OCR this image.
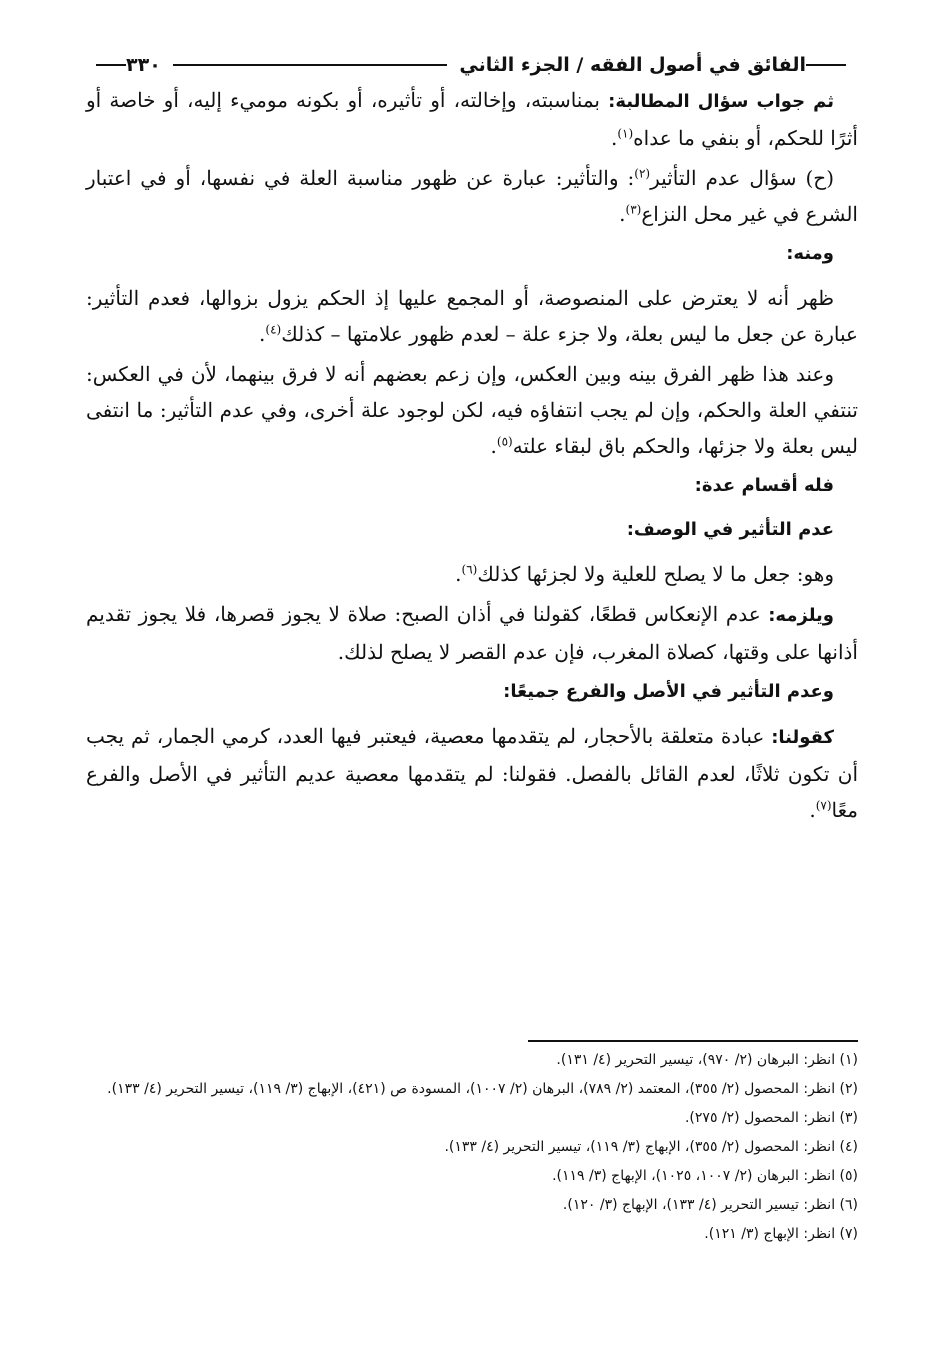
٣٣٠	الفائق في أصول الفقه / الجزء الثاني

ثم جواب سؤال المطالبة: بمناسبته، وإخالته، أو تأثيره، أو بكونه موميء إليه، أو خاصة أو أثرًا للحكم، أو بنفي ما عداه$^{(١)}$.

(ح) سؤال عدم التأثير$^{(٢)}$: والتأثير: عبارة عن ظهور مناسبة العلة في نفسها، أو في اعتبار الشرع في غير محل النزاع$^{(٣)}$.

ومنه:

ظهر أنه لا يعترض على المنصوصة، أو المجمع عليها إذ الحكم يزول بزوالها، فعدم التأثير: عبارة عن جعل ما ليس بعلة، ولا جزء علة – لعدم ظهور علامتها – كذلك$^{(٤)}$.

وعند هذا ظهر الفرق بينه وبين العكس، وإن زعم بعضهم أنه لا فرق بينهما، لأن في العكس: تنتفي العلة والحكم، وإن لم يجب انتفاؤه فيه، لكن لوجود علة أخرى، وفي عدم التأثير: ما انتفى ليس بعلة ولا جزئها، والحكم باق لبقاء علته$^{(٥)}$.

فله أقسام عدة:

عدم التأثير في الوصف:

وهو: جعل ما لا يصلح للعلية ولا لجزئها كذلك$^{(٦)}$.

ويلزمه: عدم الإنعكاس قطعًا، كقولنا في أذان الصبح: صلاة لا يجوز قصرها، فلا يجوز تقديم أذانها على وقتها، كصلاة المغرب، فإن عدم القصر لا يصلح لذلك.

وعدم التأثير في الأصل والفرع جميعًا:

كقولنا: عبادة متعلقة بالأحجار، لم يتقدمها معصية، فيعتبر فيها العدد، كرمي الجمار، ثم يجب أن تكون ثلاثًا، لعدم القائل بالفصل. فقولنا: لم يتقدمها معصية عديم التأثير في الأصل والفرع معًا$^{(٧)}$.

(١) انظر: البرهان (٢/ ٩٧٠)، تيسير التحرير (٤/ ١٣١).

(٢) انظر: المحصول (٢/ ٣٥٥)، المعتمد (٢/ ٧٨٩)، البرهان (٢/ ١٠٠٧)، المسودة ص (٤٢١)، الإبهاج (٣/ ١١٩)، تيسير التحرير (٤/ ١٣٣).

(٣) انظر: المحصول (٢/ ٢٧٥).

(٤) انظر: المحصول (٢/ ٣٥٥)، الإبهاج (٣/ ١١٩)، تيسير التحرير (٤/ ١٣٣).

(٥) انظر: البرهان (٢/ ١٠٠٧، ١٠٢٥)، الإبهاج (٣/ ١١٩).

(٦) انظر: تيسير التحرير (٤/ ١٣٣)، الإبهاج (٣/ ١٢٠).

(٧) انظر: الإبهاج (٣/ ١٢١).
